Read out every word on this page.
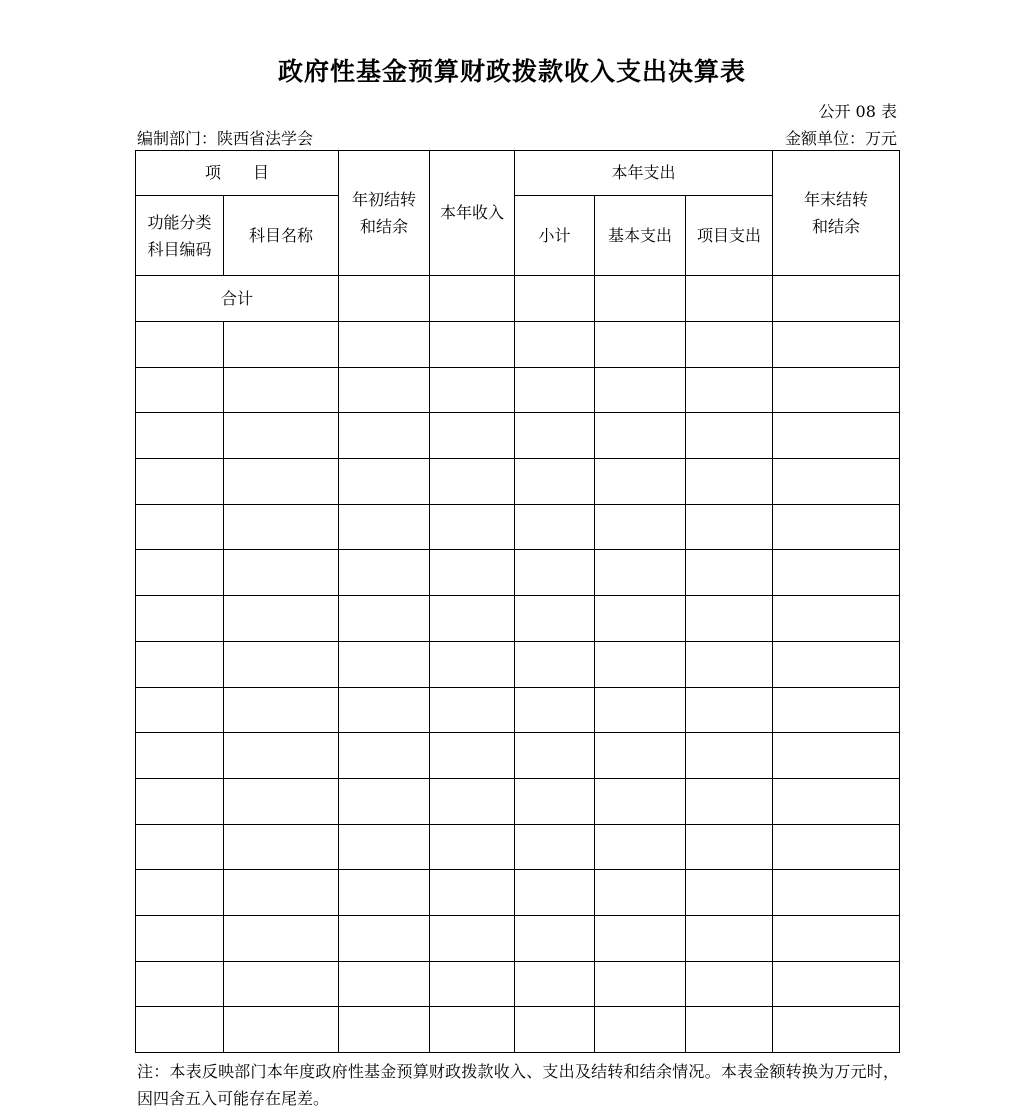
政府性基金预算财政拨款收入支出决算表
公开 08 表
编制部门：陕西省法学会	金额单位：万元
项　　目		年初结转和结余	本年收入	本年支出			年末结转和结余
功能分类科目编码	科目名称			小计	基本支出	项目支出	
合计							

注：本表反映部门本年度政府性基金预算财政拨款收入、支出及结转和结余情况。本表金额转换为万元时，因四舍五入可能存在尾差。
